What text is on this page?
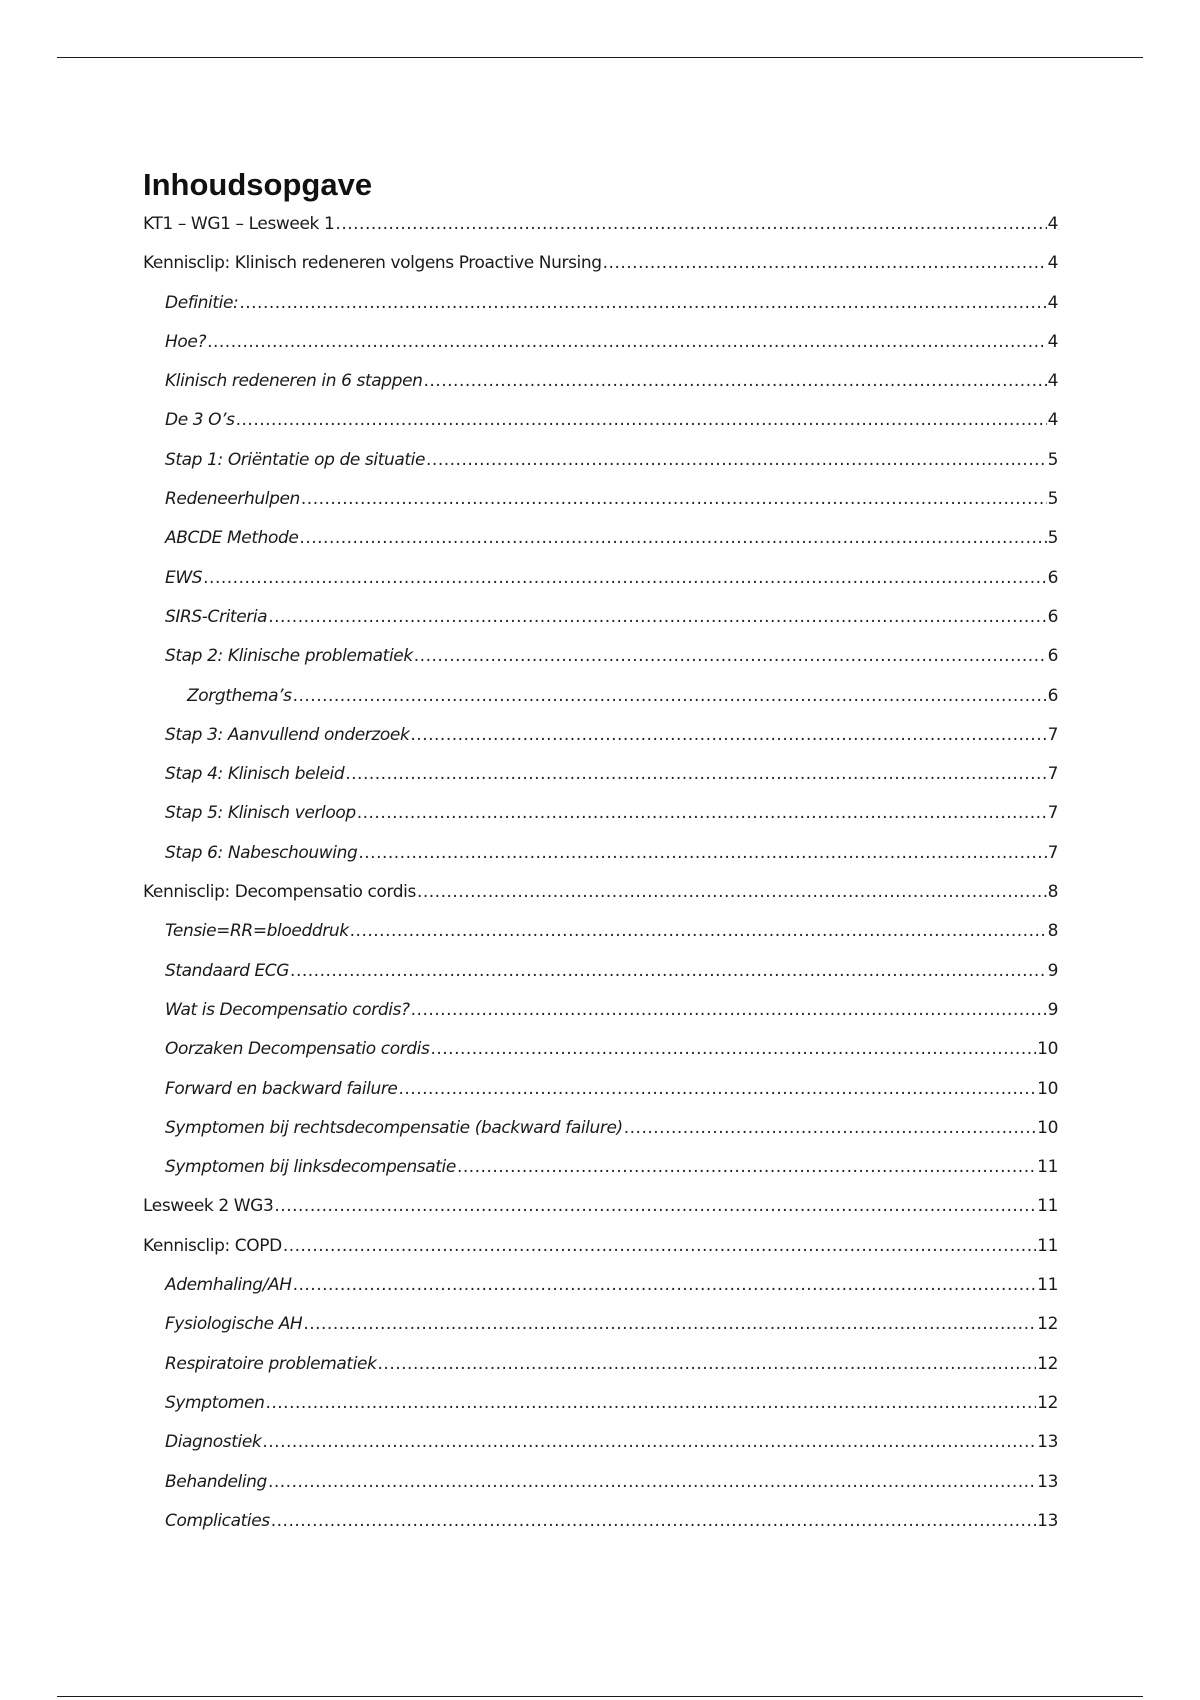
Inhoudsopgave
KT1 – WG1 – Lesweek 1 .....	4
Kennisclip: Klinisch redeneren volgens Proactive Nursing .....	4
Definitie: .....	4
Hoe? .....	4
Klinisch redeneren in 6 stappen .....	4
De 3 O’s .....	4
Stap 1: Oriëntatie op de situatie .....	5
Redeneerhulpen .....	5
ABCDE Methode .....	5
EWS .....	6
SIRS-Criteria .....	6
Stap 2: Klinische problematiek .....	6
Zorgthema’s .....	6
Stap 3: Aanvullend onderzoek .....	7
Stap 4: Klinisch beleid .....	7
Stap 5: Klinisch verloop .....	7
Stap 6: Nabeschouwing .....	7
Kennisclip: Decompensatio cordis .....	8
Tensie=RR=bloeddruk .....	8
Standaard ECG .....	9
Wat is Decompensatio cordis? .....	9
Oorzaken Decompensatio cordis .....	10
Forward en backward failure .....	10
Symptomen bij rechtsdecompensatie (backward failure) .....	10
Symptomen bij linksdecompensatie .....	11
Lesweek 2 WG3 .....	11
Kennisclip: COPD .....	11
Ademhaling/AH .....	11
Fysiologische AH .....	12
Respiratoire problematiek .....	12
Symptomen .....	12
Diagnostiek .....	13
Behandeling .....	13
Complicaties .....	13
